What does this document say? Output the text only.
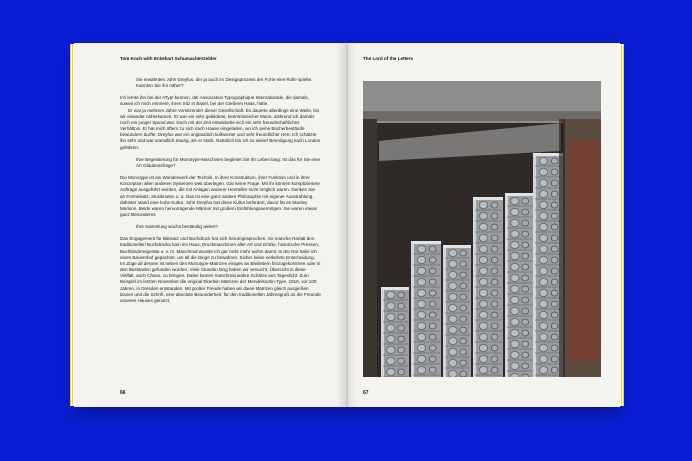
Tom Koch with Eckehart SchumacherGebler

Sie erwähnten John Dreyfus, der ja auch im Designprozess der Forte eine Rolle spielte. Kannten Sie ihn näher?

Ich lernte ihn bei der ATypI kennen, der Association Typographique Internationale, die damals, soweit ich mich erinnere, ihren Sitz in Basel, bei der Gießerei Haas, hatte.

Er war ja mehrere Jahre Vorsitzender dieser Gesellschaft. Es dauerte allerdings eine Weile, bis wir einander näherkamen. Er war ein sehr gebildeter, kenntnisreicher Mann, während ich damals noch ein junger Spund war. Doch mit der Zeit entwickelte sich ein sehr freundschaftliches Verhältnis. Er hat mich öfters zu sich nach Hause eingeladen, wo ich seine Bücherbestände bewundern durfte. Dreyfus war ein unglaublich kultivierter und sehr freundlicher Herr. Ich schätzte ihn sehr und war unendlich traurig, als er starb. Natürlich bin ich zu seiner Beerdigung nach London gefahren.

Ihre Begeisterung für Monotype-Maschinen begleitet Sie Ihr Leben lang. Ist das für Sie eine Art Glaubensfrage?

Die Monotype ist ein Wunderwerk der Technik. In ihrer Konstruktion, ihrer Funktion und in ihrer Konzeption allen anderen Systemen weit überlegen. Gar keine Frage. Mit ihr können kompliziertere Aufträge ausgeführt werden, die mit Anlagen anderer Hersteller nicht möglich waren. Denken Sie an Formelsatz, Musiknoten u. a. Das ist eine ganz andere Philosophie mit eigener Ausstrahlung, dahinter stand eine hohe Kultur. John Dreyfus hat diese Kultur befördert, davor fat es Stanley Morison. Beide waren hervorragende Männer mit großem Einfühlungsvermögen. Sie waren etwas ganz Besonderes.

Ihre Sammlung wuchs beständig weiter?

Das Engagement für Bleisatz und Buchdruck hat sich herumgesprochen. So manche Rarität des traditionellen Buchdrucks kam ins Haus, Druckmaschinen aller Art und Größe, historische Pressen, Buchbindereigeräte u. v. m. Manchmal wusste ich gar nicht mehr wohin damit. In der Not habe ich einen Bauernhof gepachtet, um all die Dinge zu bewahren. Sicher keine verkehrte Entscheidung. Im Zuge all dessen ist neben den Monotype-Matrizen einiges an Bleilettern hinzugekommen oder in den Beständen gefunden worden. Viele Stunden lang haben wir versucht, Übersicht in diese Vielfalt, auch Chaos, zu bringen. Dabei kamen manchmal wahre Schätze ans Tageslicht. Zum Beispiel im letzten November die original Ekerlein Matrizen der Mendelssohn-Type, 1919, vor 100 Jahren, in Dresden entstanden. Mit großer Freude haben wir diese Matrizen gleich ausgießen lassen und die Schrift, eine absolute Besonderheit, für den traditionellen Jahresgruß an die Freunde unseres Hauses genutzt.

66
The Lord of the Letters
67
